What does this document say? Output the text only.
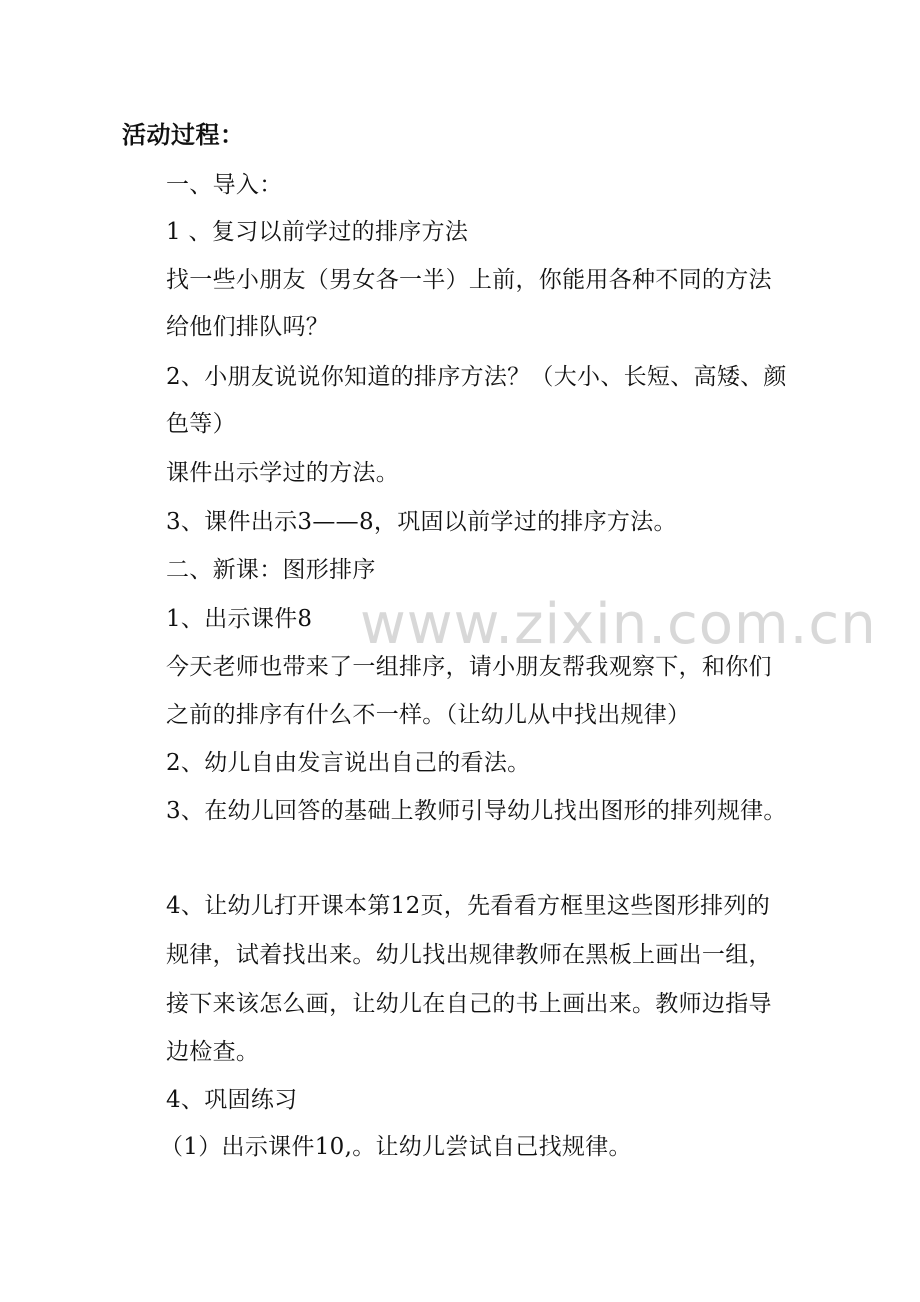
www.zixin.com.cn
活动过程：
一、导入：
1 、复习以前学过的排序方法
找一些小朋友（男女各一半）上前，你能用各种不同的方法
给他们排队吗？
2、小朋友说说你知道的排序方法？（大小、长短、高矮、颜
色等）
课件出示学过的方法。
3、课件出示3——8，巩固以前学过的排序方法。
二、新课：图形排序
1、出示课件8
今天老师也带来了一组排序，请小朋友帮我观察下，和你们
之前的排序有什么不一样。（让幼儿从中找出规律）
2、幼儿自由发言说出自己的看法。
3、在幼儿回答的基础上教师引导幼儿找出图形的排列规律。
4、让幼儿打开课本第12页，先看看方框里这些图形排列的
规律，试着找出来。幼儿找出规律教师在黑板上画出一组，
接下来该怎么画，让幼儿在自己的书上画出来。教师边指导
边检查。
4、巩固练习
（1）出示课件10,。让幼儿尝试自己找规律。
